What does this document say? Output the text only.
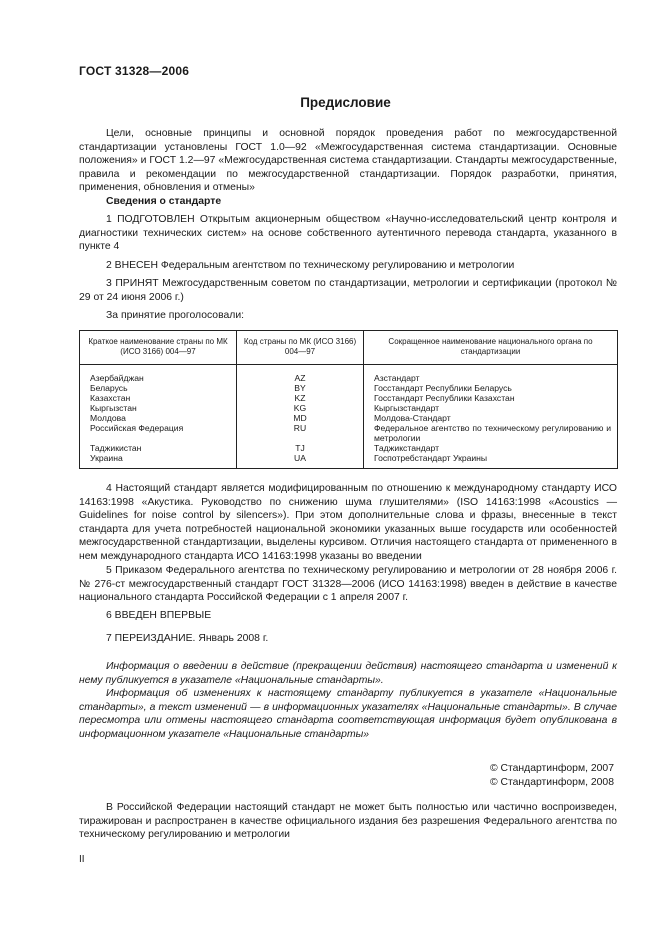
ГОСТ 31328—2006
Предисловие
Цели, основные принципы и основной порядок проведения работ по межгосударственной стандартизации установлены ГОСТ 1.0—92 «Межгосударственная система стандартизации. Основные положения» и ГОСТ 1.2—97 «Межгосударственная система стандартизации. Стандарты межгосударственные, правила и рекомендации по межгосударственной стандартизации. Порядок разработки, принятия, применения, обновления и отмены»
Сведения о стандарте
1 ПОДГОТОВЛЕН Открытым акционерным обществом «Научно-исследовательский центр контроля и диагностики технических систем» на основе собственного аутентичного перевода стандарта, указанного в пункте 4
2 ВНЕСЕН Федеральным агентством по техническому регулированию и метрологии
3 ПРИНЯТ Межгосударственным советом по стандартизации, метрологии и сертификации (протокол № 29 от 24 июня 2006 г.)
За принятие проголосовали:
Краткое наименование страны по МК (ИСО 3166) 004—97	Код страны по МК (ИСО 3166) 004—97	Сокращенное наименование национального органа по стандартизации
Азербайджан	AZ	Азстандарт
Беларусь	BY	Госстандарт Республики Беларусь
Казахстан	KZ	Госстандарт Республики Казахстан
Кыргызстан	KG	Кыргызстандарт
Молдова	MD	Молдова-Стандарт
Российская Федерация	RU	Федеральное агентство по техническому регулированию и метрологии
Таджикистан	TJ	Таджикстандарт
Украина	UA	Госпотребстандарт Украины
4 Настоящий стандарт является модифицированным по отношению к международному стандарту ИСО 14163:1998 «Акустика. Руководство по снижению шума глушителями» (ISO 14163:1998 «Acoustics — Guidelines for noise control by silencers»). При этом дополнительные слова и фразы, внесенные в текст стандарта для учета потребностей национальной экономики указанных выше государств или особенностей межгосударственной стандартизации, выделены курсивом. Отличия настоящего стандарта от примененного в нем международного стандарта ИСО 14163:1998 указаны во введении
5 Приказом Федерального агентства по техническому регулированию и метрологии от 28 ноября 2006 г. № 276-ст межгосударственный стандарт ГОСТ 31328—2006 (ИСО 14163:1998) введен в действие в качестве национального стандарта Российской Федерации с 1 апреля 2007 г.
6 ВВЕДЕН ВПЕРВЫЕ
7 ПЕРЕИЗДАНИЕ. Январь 2008 г.
Информация о введении в действие (прекращении действия) настоящего стандарта и изменений к нему публикуется в указателе «Национальные стандарты».
Информация об изменениях к настоящему стандарту публикуется в указателе «Национальные стандарты», а текст изменений — в информационных указателях «Национальные стандарты». В случае пересмотра или отмены настоящего стандарта соответствующая информация будет опубликована в информационном указателе «Национальные стандарты»
© Стандартинформ, 2007
© Стандартинформ, 2008
В Российской Федерации настоящий стандарт не может быть полностью или частично воспроизведен, тиражирован и распространен в качестве официального издания без разрешения Федерального агентства по техническому регулированию и метрологии
II
